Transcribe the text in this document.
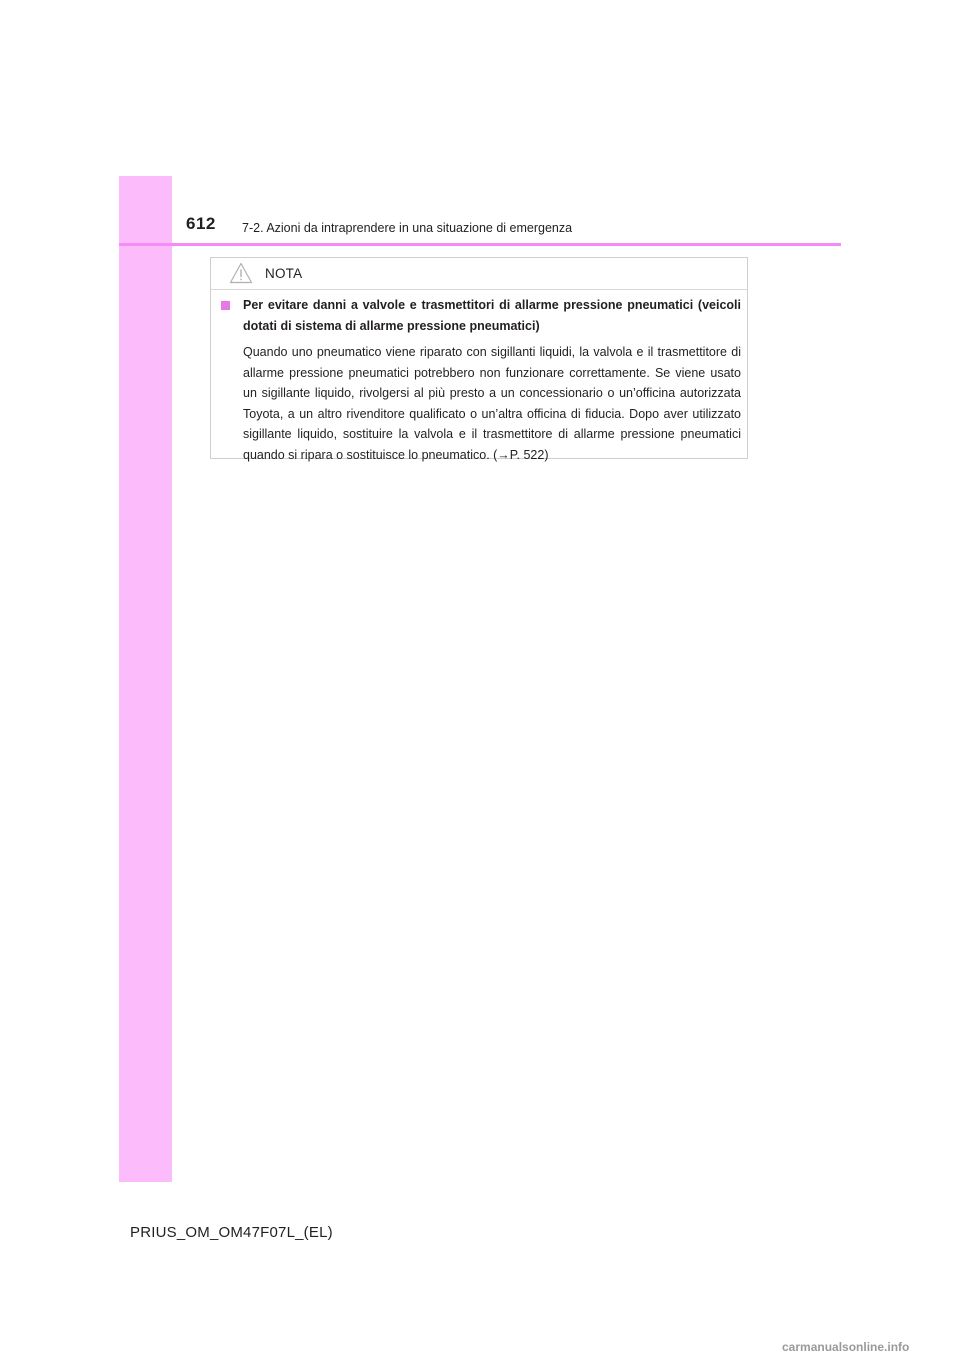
612 7-2. Azioni da intraprendere in una situazione di emergenza
NOTA
Per evitare danni a valvole e trasmettitori di allarme pressione pneumatici (veicoli dotati di sistema di allarme pressione pneumatici)
Quando uno pneumatico viene riparato con sigillanti liquidi, la valvola e il trasmettitore di allarme pressione pneumatici potrebbero non funzionare correttamente. Se viene usato un sigillante liquido, rivolgersi al più presto a un concessionario o un’officina autorizzata Toyota, a un altro rivenditore qualificato o un’altra officina di fiducia. Dopo aver utilizzato sigillante liquido, sostituire la valvola e il trasmettitore di allarme pressione pneumatici quando si ripara o sostituisce lo pneumatico. (→P. 522)
PRIUS_OM_OM47F07L_(EL)
carmanualsonline.info
